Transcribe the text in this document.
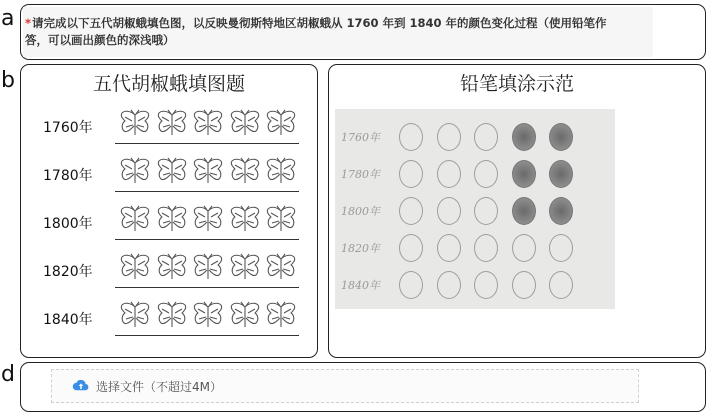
a
b
d
*请完成以下五代胡椒蛾填色图，以反映曼彻斯特地区胡椒蛾从 1760 年到 1840 年的颜色变化过程（使用铅笔作答，可以画出颜色的深浅哦）
五代胡椒蛾填图题
1760年
1780年
1800年
1820年
1840年
铅笔填涂示范
1760年
1780年
1800年
1820年
1840年
选择文件（不超过4M）
